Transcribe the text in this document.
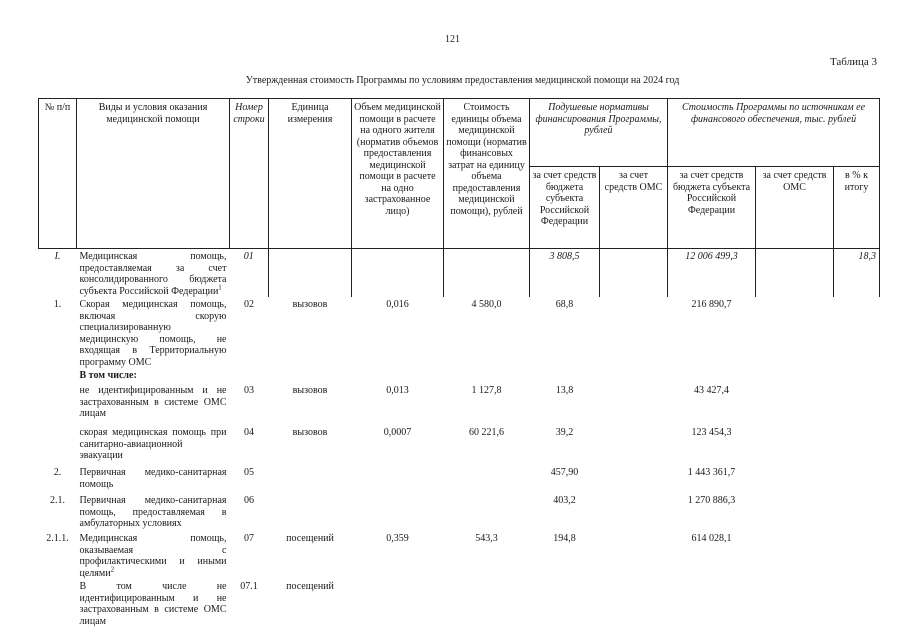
121
Таблица 3
Утвержденная стоимость Программы по условиям предоставления медицинской помощи на 2024 год
№ п/п	Виды и условия оказания медицинской помощи	Номер строки	Единица измерения	Объем медицинской помощи в расчете на одного жителя (норматив объемов предоставления медицинской помощи в расчете на одно застрахованное лицо)	Стоимость единицы объема медицинской помощи (норматив финансовых затрат на единицу объема предоставления медицинской помощи), рублей	Подушевые нормативы финансирования Программы, рублей		Стоимость Программы по источникам ее финансового обеспечения, тыс. рублей		
						за счет средств бюджета субъекта Российской Федерации	за счет средств ОМС	за счет средств бюджета субъекта Российской Федерации	за счет средств ОМС	в % к итогу
I.	Медицинская помощь, предоставляемая за счет консолидированного бюджета субъекта Российской Федерации$^1$	01				3 808,5		12 006 499,3		18,3
1.	Скорая медицинская помощь, включая скорую специализированную медицинскую помощь, не входящая в Территориальную программу ОМС	02	вызовов	0,016	4 580,0	68,8		216 890,7		
	В том числе:									
	не идентифицированным и не застрахованным в системе ОМС лицам	03	вызовов	0,013	1 127,8	13,8		43 427,4		
	скорая медицинская помощь при санитарно-авиационной эвакуации	04	вызовов	0,0007	60 221,6	39,2		123 454,3		
2.	Первичная медико-санитарная помощь	05				457,90		1 443 361,7		
2.1.	Первичная медико-санитарная помощь, предоставляемая в амбулаторных условиях	06				403,2		1 270 886,3		
2.1.1.	Медицинская помощь, оказываемая с профилактическими и иными целями$^2$	07	посещений	0,359	543,3	194,8		614 028,1		
	В том числе не идентифицированным и не застрахованным в системе ОМС лицам	07.1	посещений							
